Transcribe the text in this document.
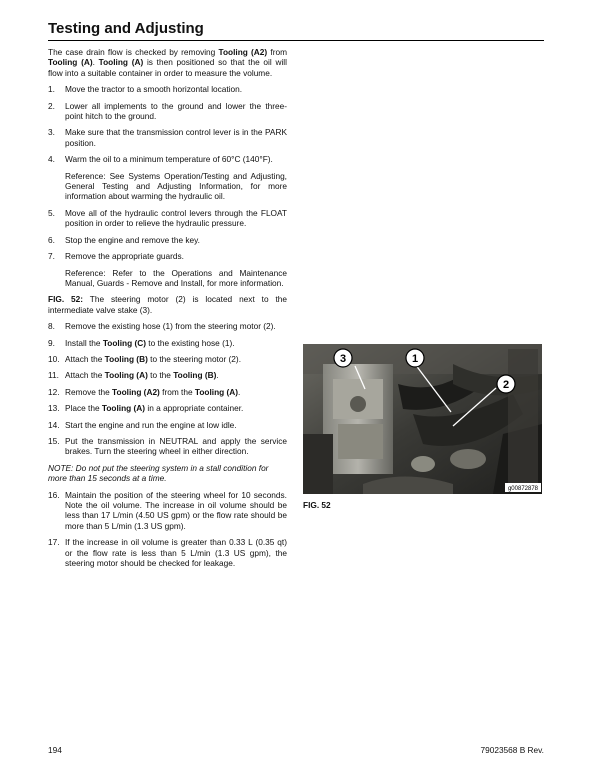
Testing and Adjusting

The case drain flow is checked by removing Tooling (A2) from Tooling (A). Tooling (A) is then positioned so that the oil will flow into a suitable container in order to measure the volume.

1.	Move the tractor to a smooth horizontal location.
2.	Lower all implements to the ground and lower the three-point hitch to the ground.
3.	Make sure that the transmission control lever is in the PARK position.
4.	Warm the oil to a minimum temperature of 60°C (140°F).
Reference: See Systems Operation/Testing and Adjusting, General Testing and Adjusting Information, for more information about warming the hydraulic oil.
5.	Move all of the hydraulic control levers through the FLOAT position in order to relieve the hydraulic pressure.
6.	Stop the engine and remove the key.
7.	Remove the appropriate guards.
Reference: Refer to the Operations and Maintenance Manual, Guards - Remove and Install, for more information.

FIG. 52: The steering motor (2) is located next to the intermediate valve stake (3).

8.	Remove the existing hose (1) from the steering motor (2).
9.	Install the Tooling (C) to the existing hose (1).
10. Attach the Tooling (B) to the steering motor (2).
11. Attach the Tooling (A) to the Tooling (B).
12. Remove the Tooling (A2) from the Tooling (A).
13. Place the Tooling (A) in a appropriate container.
14. Start the engine and run the engine at low idle.
15. Put the transmission in NEUTRAL and apply the service brakes. Turn the steering wheel in either direction.
NOTE: Do not put the steering system in a stall condition for more than 15 seconds at a time.
16. Maintain the position of the steering wheel for 10 seconds. Note the oil volume. The increase in oil volume should be less than 17 L/min (4.50 US gpm) or the flow rate should be more than 5 L/min (1.3 US gpm).
17. If the increase in oil volume is greater than 0.33 L (0.35 qt) or the flow rate is less than 5 L/min (1.3 US gpm), the steering motor should be checked for leakage.
3	1
2
g00872878
FIG. 52
194	79023568 B Rev.
